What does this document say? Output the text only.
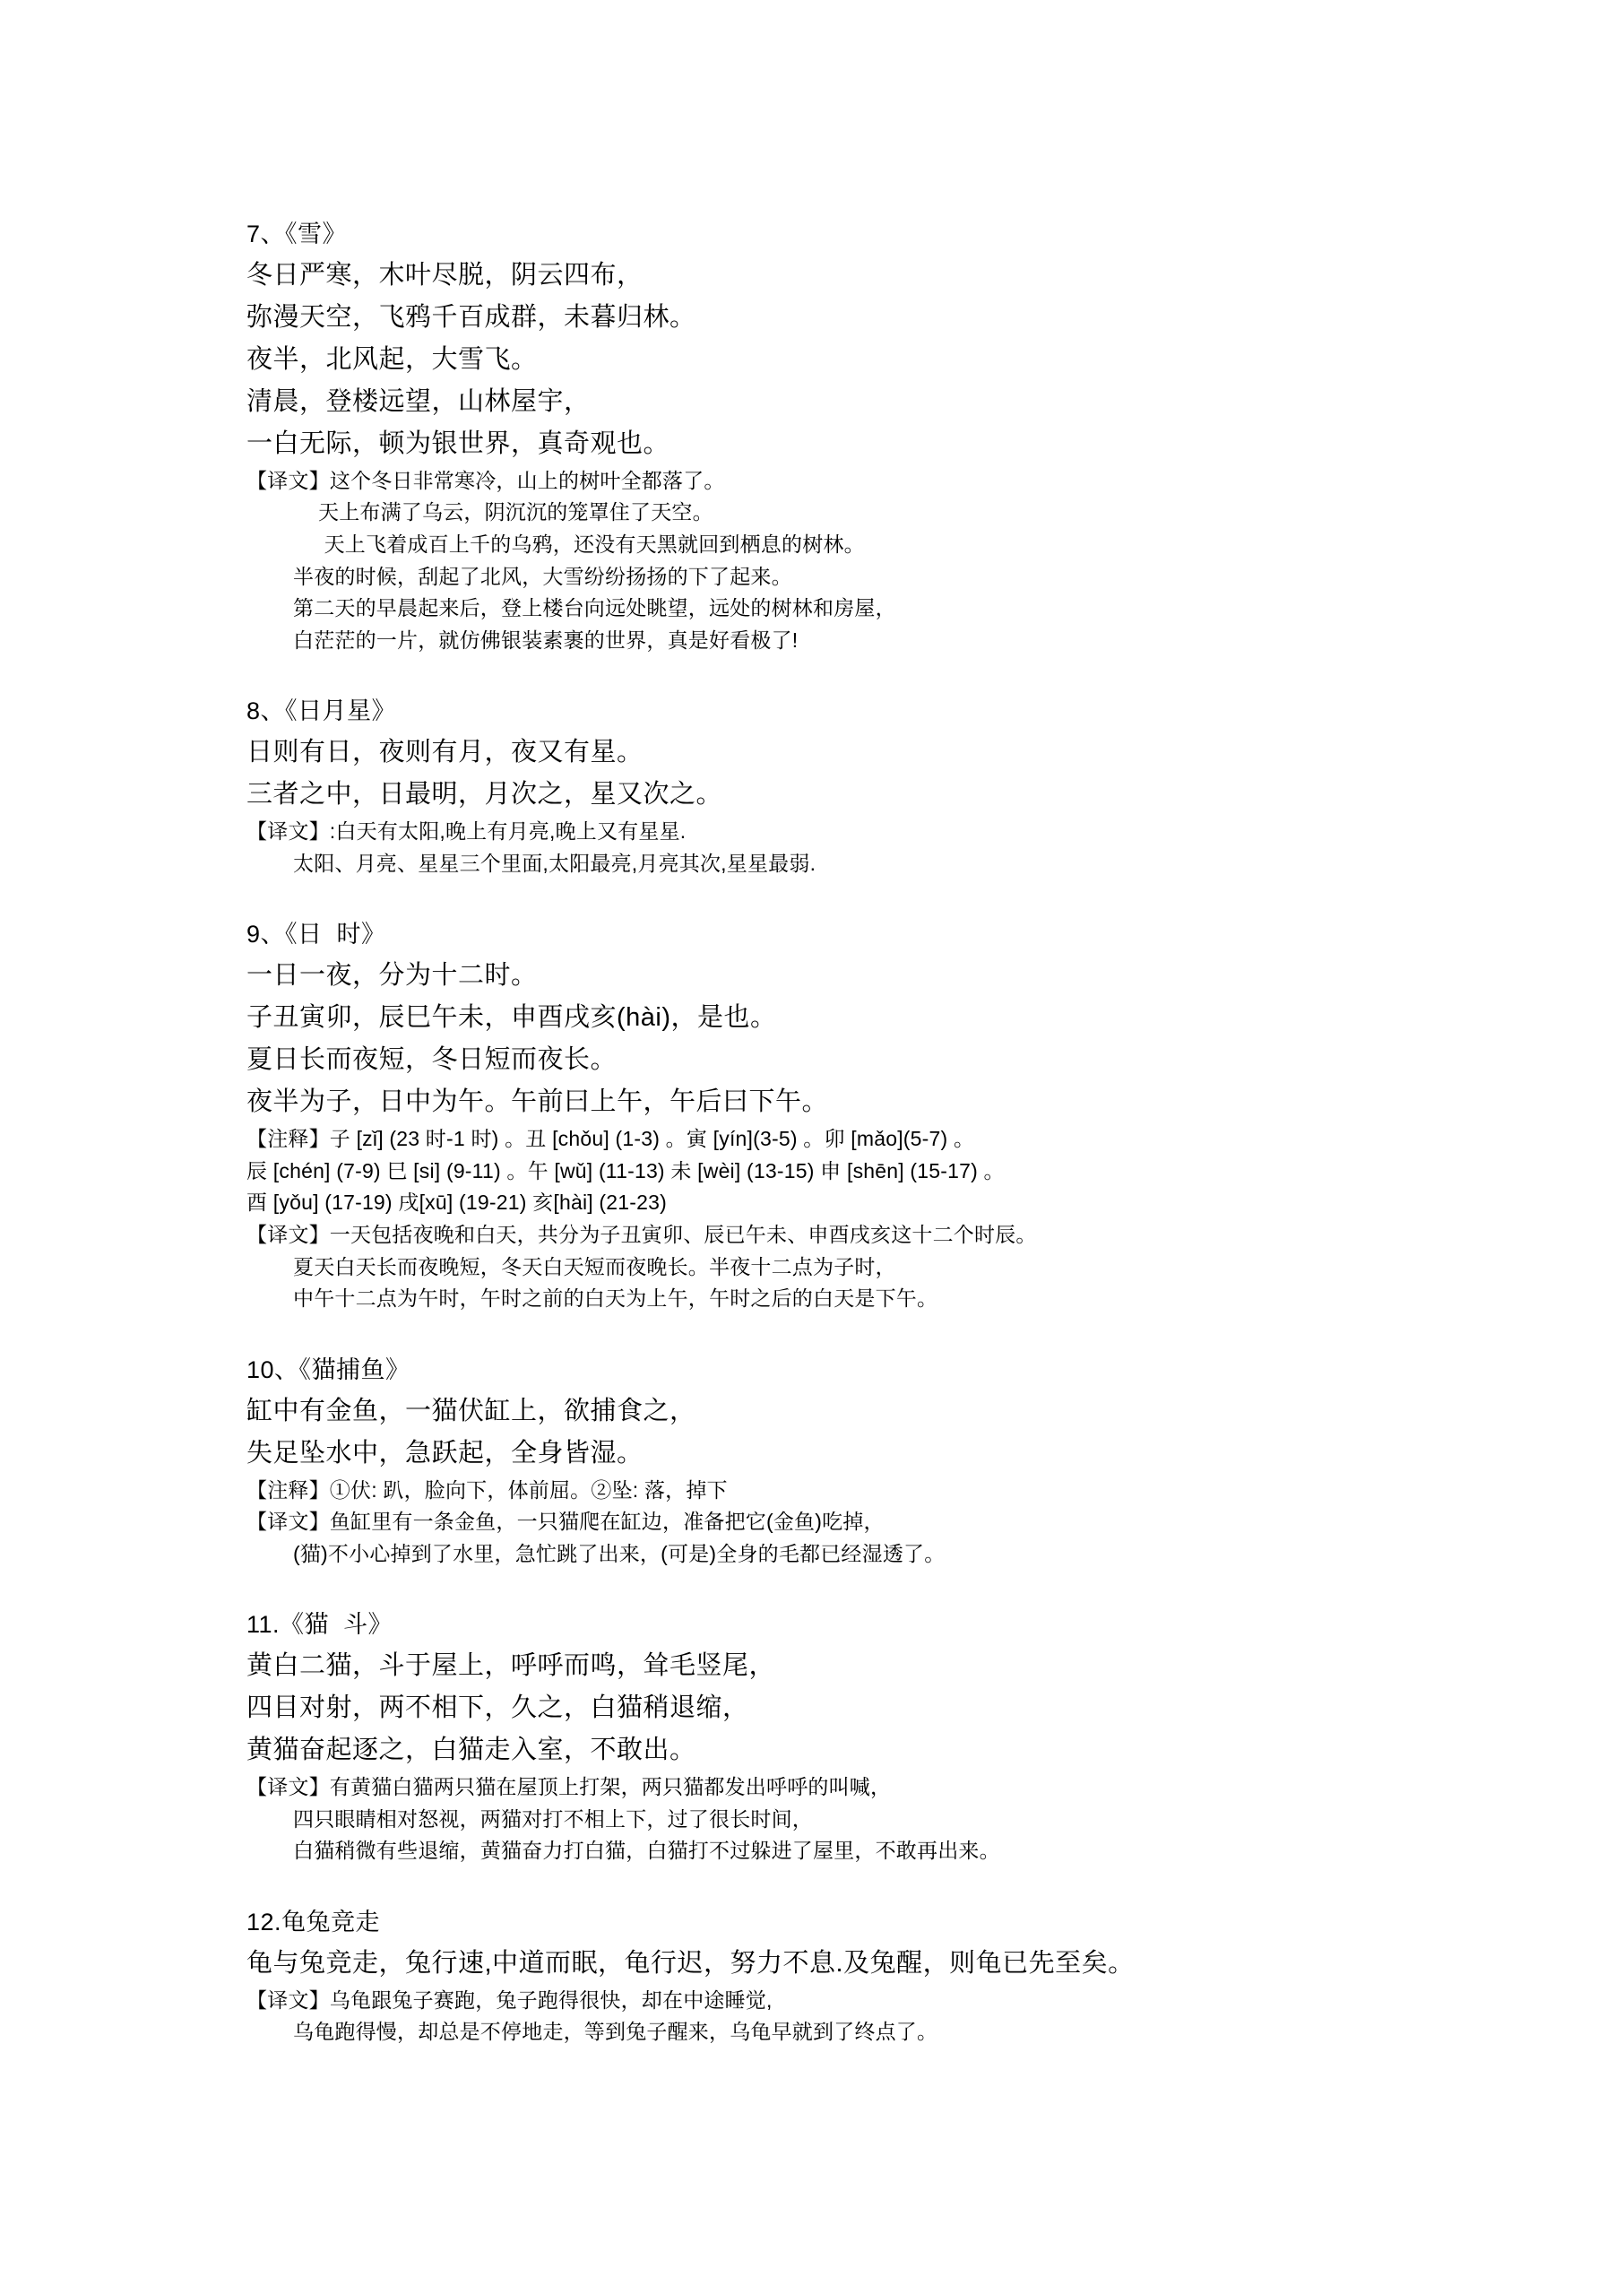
7、《雪》
冬日严寒，木叶尽脱，阴云四布，
弥漫天空，飞鸦千百成群，未暮归林。
夜半，北风起，大雪飞。
清晨，登楼远望，山林屋宇，
一白无际，顿为银世界，真奇观也。
【译文】这个冬日非常寒冷，山上的树叶全都落了。
天上布满了乌云，阴沉沉的笼罩住了天空。
天上飞着成百上千的乌鸦，还没有天黑就回到栖息的树林。
半夜的时候，刮起了北风，大雪纷纷扬扬的下了起来。
第二天的早晨起来后，登上楼台向远处眺望，远处的树林和房屋，
白茫茫的一片，就仿佛银装素裹的世界，真是好看极了!
8、《日月星》
日则有日，夜则有月，夜又有星。
三者之中，日最明，月次之，星又次之。
【译文】:白天有太阳,晚上有月亮,晚上又有星星.
太阳、月亮、星星三个里面,太阳最亮,月亮其次,星星最弱.
9、《日  时》
一日一夜，分为十二时。
子丑寅卯，辰巳午未，申酉戌亥(hài)，是也。
夏日长而夜短，冬日短而夜长。
夜半为子，日中为午。午前曰上午，午后曰下午。
【注释】子 [zǐ] (23 时-1 时) 。丑 [chǒu] (1-3) 。寅 [yín](3-5) 。卯 [mǎo](5-7) 。
辰 [chén] (7-9) 巳 [si] (9-11) 。午 [wǔ] (11-13) 未 [wèi] (13-15) 申 [shēn] (15-17) 。
酉 [yǒu] (17-19) 戌[xū] (19-21) 亥[hài] (21-23)
【译文】一天包括夜晚和白天，共分为子丑寅卯、辰已午未、申酉戌亥这十二个时辰。
夏天白天长而夜晚短，冬天白天短而夜晚长。半夜十二点为子时，
中午十二点为午时，午时之前的白天为上午，午时之后的白天是下午。
10、《猫捕鱼》
缸中有金鱼，一猫伏缸上，欲捕食之，
失足坠水中，急跃起，全身皆湿。
【注释】①伏: 趴，脸向下，体前屈。②坠: 落，掉下
【译文】鱼缸里有一条金鱼，一只猫爬在缸边，准备把它(金鱼)吃掉，
(猫)不小心掉到了水里，急忙跳了出来，(可是)全身的毛都已经湿透了。
11.《猫  斗》
黄白二猫，斗于屋上，呼呼而鸣，耸毛竖尾，
四目对射，两不相下，久之，白猫稍退缩，
黄猫奋起逐之，白猫走入室，不敢出。
【译文】有黄猫白猫两只猫在屋顶上打架，两只猫都发出呼呼的叫喊，
四只眼睛相对怒视，两猫对打不相上下，过了很长时间，
白猫稍微有些退缩，黄猫奋力打白猫，白猫打不过躲进了屋里，不敢再出来。
12.龟兔竞走
龟与兔竞走，兔行速,中道而眠，龟行迟，努力不息.及兔醒，则龟已先至矣。
【译文】乌龟跟兔子赛跑，兔子跑得很快，却在中途睡觉,
乌龟跑得慢，却总是不停地走，等到兔子醒来，乌龟早就到了终点了。
